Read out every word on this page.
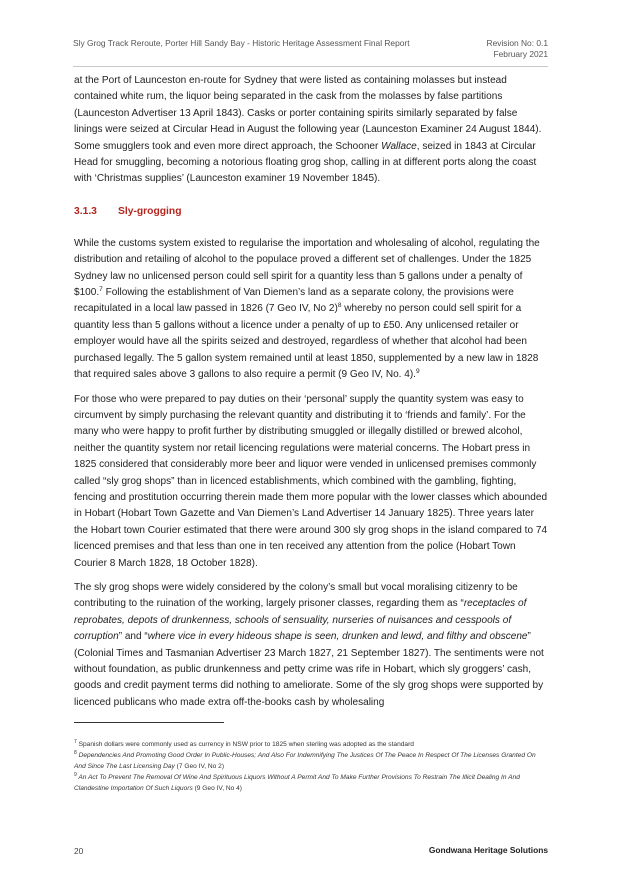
Sly Grog Track Reroute, Porter Hill Sandy Bay - Historic Heritage Assessment Final Report	Revision No: 0.1
February 2021

at the Port of Launceston en-route for Sydney that were listed as containing molasses but instead contained white rum, the liquor being separated in the cask from the molasses by false partitions (Launceston Advertiser 13 April 1843). Casks or porter containing spirits similarly separated by false linings were seized at Circular Head in August the following year (Launceston Examiner 24 August 1844). Some smugglers took and even more direct approach, the Schooner Wallace, seized in 1843 at Circular Head for smuggling, becoming a notorious floating grog shop, calling in at different ports along the coast with ‘Christmas supplies’ (Launceston examiner 19 November 1845).

3.1.3 Sly-grogging

While the customs system existed to regularise the importation and wholesaling of alcohol, regulating the distribution and retailing of alcohol to the populace proved a different set of challenges. Under the 1825 Sydney law no unlicensed person could sell spirit for a quantity less than 5 gallons under a penalty of $100.$^7$ Following the establishment of Van Diemen’s land as a separate colony, the provisions were recapitulated in a local law passed in 1826 (7 Geo IV, No 2)$^8$ whereby no person could sell spirit for a quantity less than 5 gallons without a licence under a penalty of up to £50. Any unlicensed retailer or employer would have all the spirits seized and destroyed, regardless of whether that alcohol had been purchased legally. The 5 gallon system remained until at least 1850, supplemented by a new law in 1828 that required sales above 3 gallons to also require a permit (9 Geo IV, No. 4).$^9$

For those who were prepared to pay duties on their ‘personal’ supply the quantity system was easy to circumvent by simply purchasing the relevant quantity and distributing it to ‘friends and family’. For the many who were happy to profit further by distributing smuggled or illegally distilled or brewed alcohol, neither the quantity system nor retail licencing regulations were material concerns. The Hobart press in 1825 considered that considerably more beer and liquor were vended in unlicensed premises commonly called “sly grog shops” than in licenced establishments, which combined with the gambling, fighting, fencing and prostitution occurring therein made them more popular with the lower classes which abounded in Hobart (Hobart Town Gazette and Van Diemen’s Land Advertiser 14 January 1825). Three years later the Hobart town Courier estimated that there were around 300 sly grog shops in the island compared to 74 licenced premises and that less than one in ten received any attention from the police (Hobart Town Courier 8 March 1828, 18 October 1828).

The sly grog shops were widely considered by the colony’s small but vocal moralising citizenry to be contributing to the ruination of the working, largely prisoner classes, regarding them as “receptacles of reprobates, depots of drunkenness, schools of sensuality, nurseries of nuisances and cesspools of corruption” and “where vice in every hideous shape is seen, drunken and lewd, and filthy and obscene” (Colonial Times and Tasmanian Advertiser 23 March 1827, 21 September 1827). The sentiments were not without foundation, as public drunkenness and petty crime was rife in Hobart, which sly groggers’ cash, goods and credit payment terms did nothing to ameliorate. Some of the sly grog shops were supported by licenced publicans who made extra off-the-books cash by wholesaling

$^7$ Spanish dollars were commonly used as currency in NSW prior to 1825 when sterling was adopted as the standard
$^8$ Dependencies And Promoting Good Order In Public-Houses; And Also For Indemnifying The Justices Of The Peace In Respect Of The Licenses Granted On And Since The Last Licensing Day (7 Geo IV, No 2)
$^9$ An Act To Prevent The Removal Of Wine And Spirituous Liquors Without A Permit And To Make Further Provisions To Restrain The Illicit Dealing In And Clandestine Importation Of Such Liquors (9 Geo IV, No 4)
20	Gondwana Heritage Solutions
